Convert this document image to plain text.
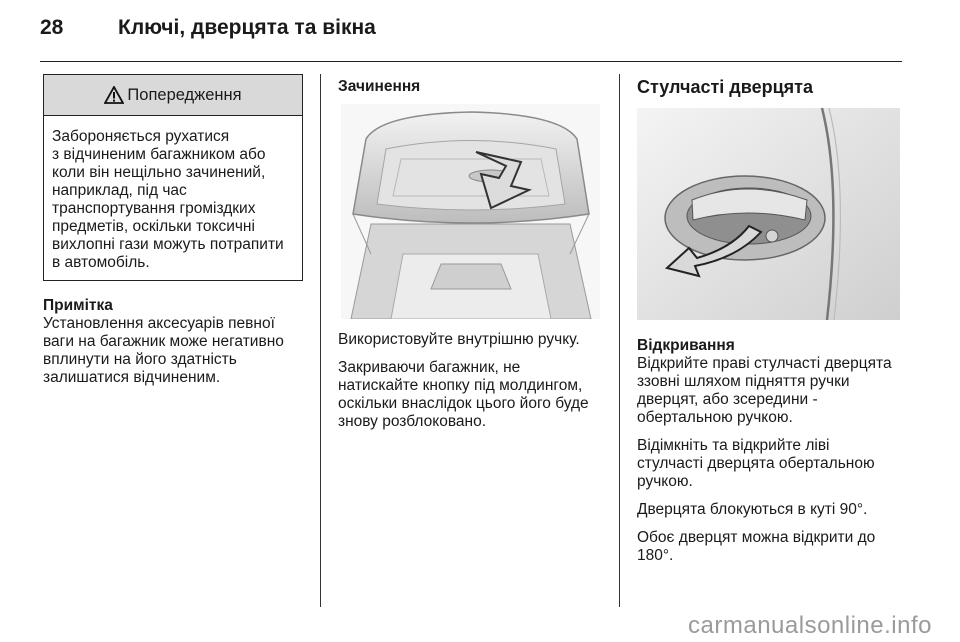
28	Ключі, дверцята та вікна
Попередження
Забороняється рухатися
з відчиненим багажником або
коли він нещільно зачинений,
наприклад, під час
транспортування громіздких
предметів, оскільки токсичні
вихлопні гази можуть потрапити
в автомобіль.
Примітка
Установлення аксесуарів певної
ваги на багажник може негативно
вплинути на його здатність
залишатися відчиненим.
Зачинення

Використовуйте внутрішню ручку.

Закриваючи багажник, не
натискайте кнопку під молдингом,
оскільки внаслідок цього його буде
знову розблоковано.

Стулчасті дверцята

Відкривання
Відкрийте праві стулчасті дверцята
ззовні шляхом підняття ручки
дверцят, або зсередини -
обертальною ручкою.

Відімкніть та відкрийте ліві
стулчасті дверцята обертальною
ручкою.

Дверцята блокуються в куті 90°.

Обоє дверцят можна відкрити до
180°.

carmanualsonline.info
